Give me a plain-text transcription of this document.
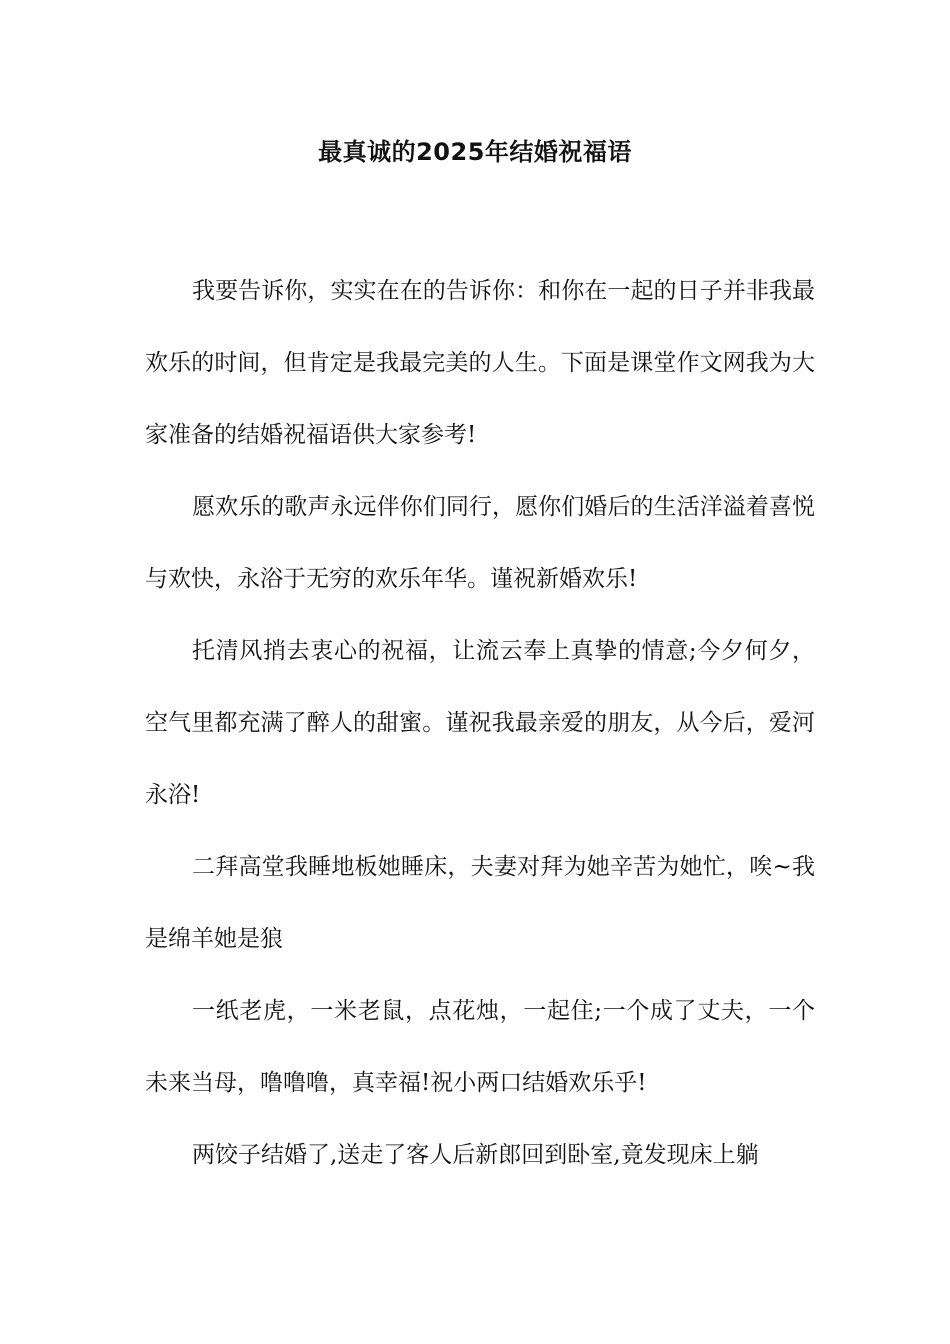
最真诚的2025年结婚祝福语

我要告诉你，实实在在的告诉你：和你在一起的日子并非我最欢乐的时间，但肯定是我最完美的人生。下面是课堂作文网我为大家准备的结婚祝福语供大家参考!

愿欢乐的歌声永远伴你们同行，愿你们婚后的生活洋溢着喜悦与欢快，永浴于无穷的欢乐年华。谨祝新婚欢乐!

托清风捎去衷心的祝福，让流云奉上真挚的情意;今夕何夕，空气里都充满了醉人的甜蜜。谨祝我最亲爱的朋友，从今后，爱河永浴!

二拜高堂我睡地板她睡床，夫妻对拜为她辛苦为她忙，唉~我是绵羊她是狼

一纸老虎，一米老鼠，点花烛，一起住;一个成了丈夫，一个未来当母，噜噜噜，真幸福!祝小两口结婚欢乐乎!

两饺子结婚了,送走了客人后新郎回到卧室,竟发现床上躺
